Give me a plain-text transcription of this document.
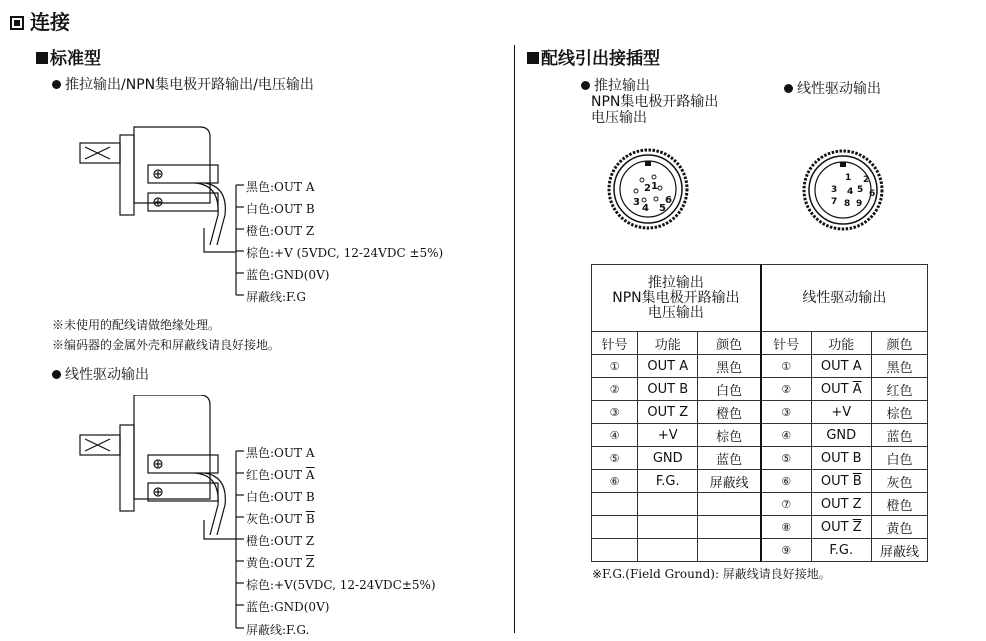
连接
标准型
推拉输出/NPN集电极开路输出/电压输出
黑色:OUT A
白色:OUT B
橙色:OUT Z
棕色:+V (5VDC, 12-24VDC ±5%)
蓝色:GND(0V)
屏蔽线:F.G
※未使用的配线请做绝缘处理。
※编码器的金属外壳和屏蔽线请良好接地。
线性驱动输出
黑色:OUT A
红色:OUT $\overline{A}$
白色:OUT B
灰色:OUT $\overline{B}$
橙色:OUT Z
黄色:OUT $\overline{Z}$
棕色:+V(5VDC, 12-24VDC±5%)
蓝色:GND(0V)
屏蔽线:F.G.
配线引出接插型
推拉输出
NPN集电极开路输出
电压输出
线性驱动输出
1
2
3
4 5
6
1 2
3 4 5 6
7 8 9
推拉输出
NPN集电极开路输出
电压输出			线性驱动输出		
针号	功能	颜色	针号	功能	颜色
①	OUT A	黑色	①	OUT A	黑色
②	OUT B	白色	②	OUT $\overline{A}$	红色
③	OUT Z	橙色	③	+V	棕色
④	+V	棕色	④	GND	蓝色
⑤	GND	蓝色	⑤	OUT B	白色
⑥	F.G.	屏蔽线	⑥	OUT $\overline{B}$	灰色
			⑦	OUT Z	橙色
			⑧	OUT $\overline{Z}$	黄色
			⑨	F.G.	屏蔽线
※F.G.(Field Ground): 屏蔽线请良好接地。
